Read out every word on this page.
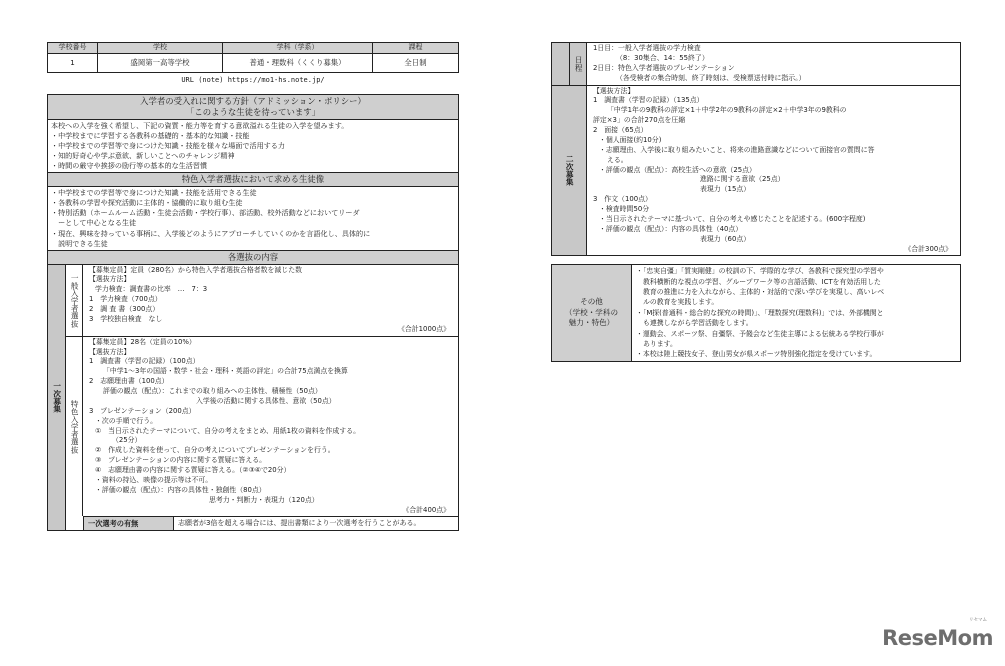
学校番号	学校	学科（学系）	課程
1	盛岡第一高等学校	普通・理数科（くくり募集）	全日制
URL (note) https://mo1-hs.note.jp/
入学者の受入れに関する方針（アドミッション・ポリシー）
「このような生徒を待っています」
本校への入学を強く希望し、下記の資質・能力等を育する意欲溢れる生徒の入学を望みます。
・中学校までに学習する各教科の基礎的・基本的な知識・技能
・中学校までの学習等で身につけた知識・技能を様々な場面で活用する力
・知的好奇心や学ぶ意欲、新しいことへのチャレンジ精神
・時間の厳守や挨拶の励行等の基本的な生活習慣
特色入学者選抜において求める生徒像
・中学校までの学習等で身につけた知識・技能を活用できる生徒
・各教科の学習や探究活動に主体的・協働的に取り組む生徒
・特別活動（ホームルーム活動・生徒会活動・学校行事）、部活動、校外活動などにおいてリーダ
　ーとして中心となる生徒
・現在、興味を持っている事柄に、入学後どのようにアプローチしていくのかを言語化し、具体的に
　説明できる生徒
各選抜の内容
一次募集
一般入学者選抜
【募集定員】定員（280名）から特色入学者選抜合格者数を減じた数
【選抜方法】
学力検査：調査書の比率　…　7：3
1　学力検査（700点）
2　調 査 書（300点）
3　学校独自検査　なし
《合計1000点》
特色入学者選抜
【募集定員】28名（定員の10%）
【選抜方法】
1　調査書（学習の記録）（100点）
「中学1～3年の国語・数学・社会・理科・英語の評定」の合計75点満点を換算
2　志願理由書（100点）
評価の観点（配点）：これまでの取り組みへの主体性、積極性（50点）
入学後の活動に関する具体性、意欲（50点）
3　プレゼンテーション（200点）
・次の手順で行う。
①　当日示されたテーマについて、自分の考えをまとめ、用紙1枚の資料を作成する。
（25分）
②　作成した資料を使って、自分の考えについてプレゼンテーションを行う。
③　プレゼンテーションの内容に関する質疑に答える。
④　志願理由書の内容に関する質疑に答える。（②③④で20分）
・資料の持込、映像の提示等は不可。
・評価の観点（配点）：内容の具体性・独創性（80点）
思考力・判断力・表現力（120点）
《合計400点》
一次選考の有無	志願者が3倍を超える場合には、提出書類により一次選考を行うことがある。
日程
1日目：一般入学者選抜の学力検査
（8：30集合、14：55終了）
2日目：特色入学者選抜のプレゼンテーション
（各受検者の集合時刻、終了時刻は、受検票送付時に指示。）
二次募集
【選抜方法】
1　調査書（学習の記録）（135点）
「中学1年の9教科の評定×1＋中学2年の9教科の評定×2＋中学3年の9教科の
評定×3」の合計270点を圧縮
2　面接（65点）
・個人面接(約10分)
・志願理由、入学後に取り組みたいこと、将来の進路意識などについて面接官の質問に答
える。
・評価の観点（配点）：高校生活への意欲（25点）
進路に関する意欲（25点）
表現力（15点）
3　作文（100点）
・検査時間50分
・当日示されたテーマに基づいて、自分の考えや感じたことを記述する。(600字程度)
・評価の観点（配点）：内容の具体性（40点）
表現力（60点）
《合計300点》
その他
（学校・学科の
魅力・特色）
・「忠実自彊」「質実剛健」の校訓の下、学際的な学び、各教科で探究型の学習や
教科横断的な視点の学習、グループワーク等の言語活動、ICTを有効活用した
教育の推進に力を入れながら、主体的・対話的で深い学びを実現し、高いレベ
ルの教育を実践します。
・「M探(普通科・総合的な探究の時間)」、「理数探究(理数科)」では、外部機関と
も連携しながら学習活動をします。
・運動会、スポーツ祭、自彊祭、予餞会など生徒主導による伝統ある学校行事が
あります。
・本校は陸上競技女子、登山男女が県スポーツ特別強化指定を受けています。
リセマム
ReseMom
